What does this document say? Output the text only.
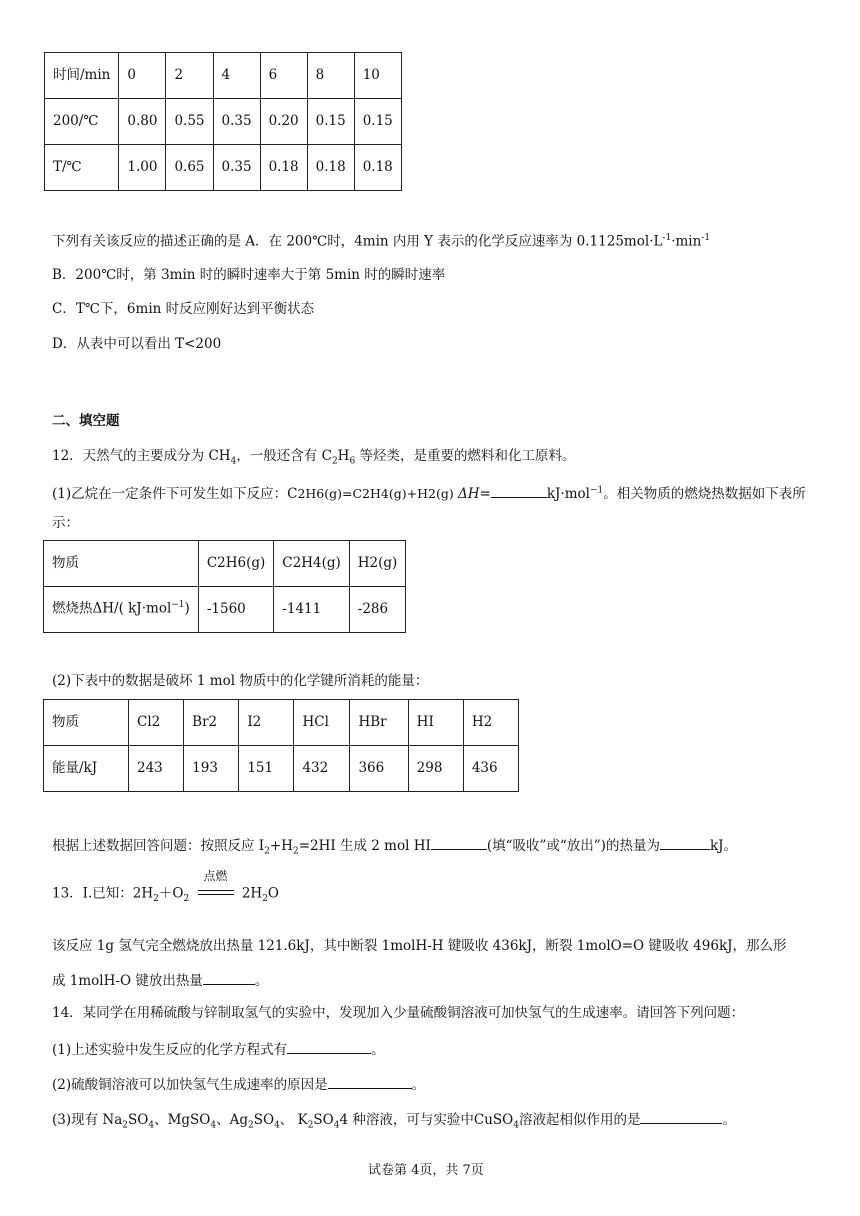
时间/min	0	2	4	6	8	10
200/℃	0.80	0.55	0.35	0.20	0.15	0.15
T/℃	1.00	0.65	0.35	0.18	0.18	0.18
下列有关该反应的描述正确的是 A．在 200℃时，4min 内用 Y 表示的化学反应速率为 $0.1125mol\cdot L^{-1}\cdot\min^{-1}$
B．200℃时，第 3min 时的瞬时速率大于第 5min 时的瞬时速率
C．T℃下，6min 时反应刚好达到平衡状态
D．从表中可以看出 T<200
二、填空题
12．天然气的主要成分为 $CH_4$，一般还含有 $C_2H_6$ 等烃类，是重要的燃料和化工原料。
(1)乙烷在一定条件下可发生如下反应：C2H6(g)=C2H4(g)+H2(g) ΔH=	kJ·mol$^{-1}$。相关物质的燃烧热数据如下表所
示：
物质	C2H6(g)	C2H4(g)	H2(g)
燃烧热ΔH/( kJ·mol$^{-1}$)	-1560	-1411	-286
(2)下表中的数据是破坏 1 mol 物质中的化学键所消耗的能量：
物质	Cl2	Br2	I2	HCl	HBr	HI	H2
能量/kJ	243	193	151	432	366	298	436
根据上述数据回答问题：按照反应 $I_2+H_2=2HI$ 生成 2 mol HI	(填“吸收”或“放出”)的热量为	kJ。
13．Ⅰ.已知：$2H_2+O_2$
点燃
$2H_2O$
该反应 1g 氢气完全燃烧放出热量 121.6kJ，其中断裂 1molH-H 键吸收 436kJ，断裂 1molO=O 键吸收 496kJ，那么形
成 1molH-O 键放出热量	。
14．某同学在用稀硫酸与锌制取氢气的实验中，发现加入少量硫酸铜溶液可加快氢气的生成速率。请回答下列问题：
(1)上述实验中发生反应的化学方程式有	。
(2)硫酸铜溶液可以加快氢气生成速率的原因是	。
(3)现有 $Na_2SO_4$、MgSO$_4$、$Ag_2SO_4$、 $K_2SO_44$ 种溶液，可与实验中CuSO$_4$溶液起相似作用的是	。
试卷第 4页，共 7页
